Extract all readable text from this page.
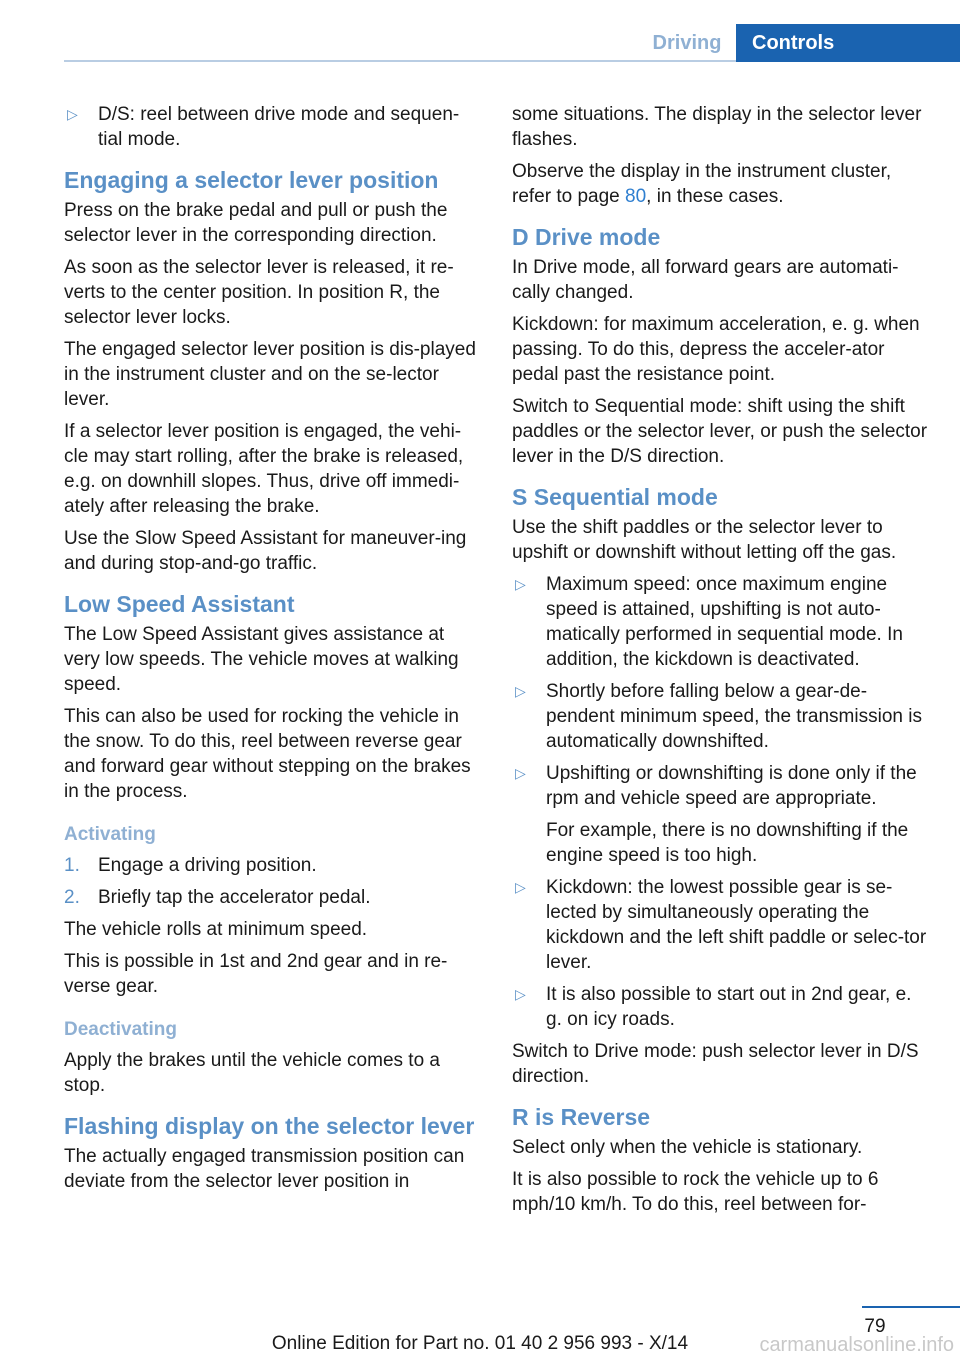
Driving	Controls
▷ D/S: reel between drive mode and sequen-tial mode.
Engaging a selector lever position

Press on the brake pedal and pull or push the selector lever in the corresponding direction.

As soon as the selector lever is released, it re-verts to the center position. In position R, the selector lever locks.

The engaged selector lever position is dis-played in the instrument cluster and on the se-lector lever.

If a selector lever position is engaged, the vehi-cle may start rolling, after the brake is released, e.g. on downhill slopes. Thus, drive off immedi-ately after releasing the brake.

Use the Slow Speed Assistant for maneuver-ing and during stop-and-go traffic.

Low Speed Assistant

The Low Speed Assistant gives assistance at very low speeds. The vehicle moves at walking speed.

This can also be used for rocking the vehicle in the snow. To do this, reel between reverse gear and forward gear without stepping on the brakes in the process.

Activating
1. Engage a driving position.
2. Briefly tap the accelerator pedal.

The vehicle rolls at minimum speed.

This is possible in 1st and 2nd gear and in re-verse gear.

Deactivating

Apply the brakes until the vehicle comes to a stop.

Flashing display on the selector lever

The actually engaged transmission position can deviate from the selector lever position in

some situations. The display in the selector lever flashes.

Observe the display in the instrument cluster, refer to page 80, in these cases.

D Drive mode

In Drive mode, all forward gears are automati-cally changed.

Kickdown: for maximum acceleration, e. g. when passing. To do this, depress the acceler-ator pedal past the resistance point.

Switch to Sequential mode: shift using the shift paddles or the selector lever, or push the selector lever in the D/S direction.

S Sequential mode

Use the shift paddles or the selector lever to upshift or downshift without letting off the gas.

▷ Maximum speed: once maximum engine speed is attained, upshifting is not auto-matically performed in sequential mode. In addition, the kickdown is deactivated.
▷ Shortly before falling below a gear-de-pendent minimum speed, the transmission is automatically downshifted.
▷ Upshifting or downshifting is done only if the rpm and vehicle speed are appropriate.

For example, there is no downshifting if the engine speed is too high.

▷ Kickdown: the lowest possible gear is se-lected by simultaneously operating the kickdown and the left shift paddle or selec-tor lever.
▷ It is also possible to start out in 2nd gear, e. g. on icy roads.

Switch to Drive mode: push selector lever in D/S direction.

R is Reverse

Select only when the vehicle is stationary.

It is also possible to rock the vehicle up to 6 mph/10 km/h. To do this, reel between for-

79
Online Edition for Part no. 01 40 2 956 993 - X/14	carmanualsonline.info
